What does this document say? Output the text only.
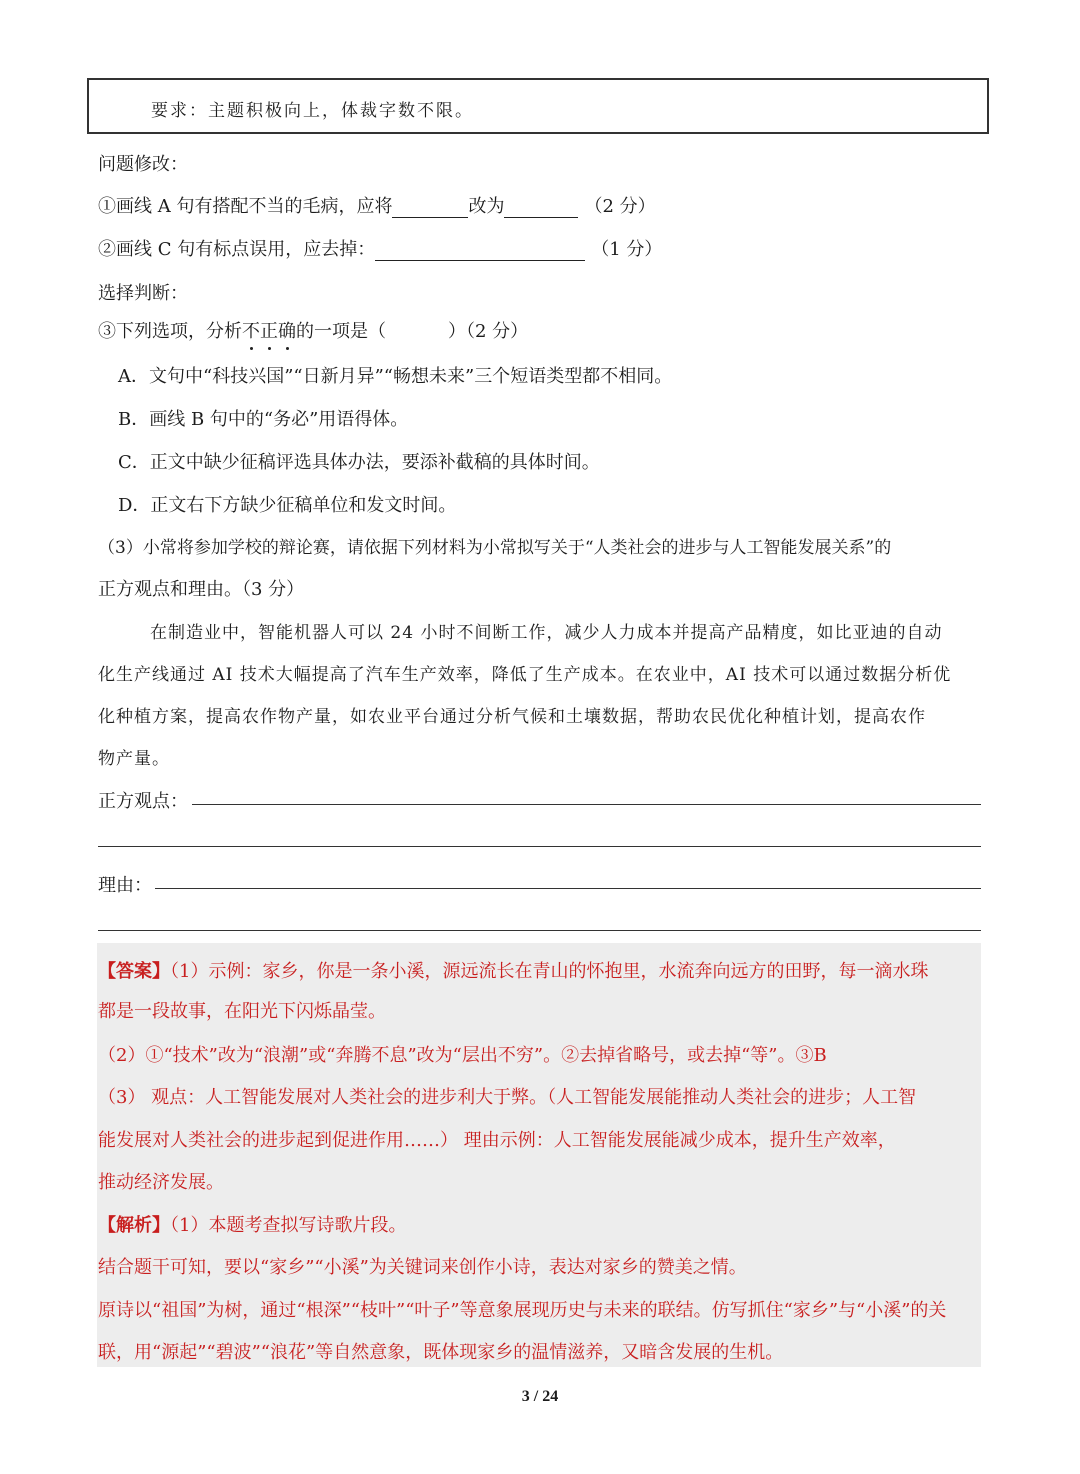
要求：主题积极向上，体裁字数不限。
问题修改：
①画线 A 句有搭配不当的毛病，应将	改为	（2 分）
②画线 C 句有标点误用，应去掉：	（1 分）
选择判断：
③下列选项，分析不正确的一项是（	）（2 分）
A．文句中“科技兴国”“日新月异”“畅想未来”三个短语类型都不相同。
B．画线 B 句中的“务必”用语得体。
C．正文中缺少征稿评选具体办法，要添补截稿的具体时间。
D．正文右下方缺少征稿单位和发文时间。
（3）小常将参加学校的辩论赛，请依据下列材料为小常拟写关于“人类社会的进步与人工智能发展关系”的
正方观点和理由。（3 分）
在制造业中，智能机器人可以 24 小时不间断工作，减少人力成本并提高产品精度，如比亚迪的自动
化生产线通过 AI 技术大幅提高了汽车生产效率，降低了生产成本。在农业中，AI 技术可以通过数据分析优
化种植方案，提高农作物产量，如农业平台通过分析气候和土壤数据，帮助农民优化种植计划，提高农作
物产量。
正方观点：
理由：
【答案】（1）示例：家乡，你是一条小溪，源远流长在青山的怀抱里，水流奔向远方的田野，每一滴水珠
都是一段故事，在阳光下闪烁晶莹。
（2）①“技术”改为“浪潮”或“奔腾不息”改为“层出不穷”。②去掉省略号，或去掉“等”。③B
（3） 观点：人工智能发展对人类社会的进步利大于弊。（人工智能发展能推动人类社会的进步；人工智
能发展对人类社会的进步起到促进作用……） 理由示例：人工智能发展能减少成本，提升生产效率，
推动经济发展。
【解析】（1）本题考查拟写诗歌片段。
结合题干可知，要以“家乡”“小溪”为关键词来创作小诗，表达对家乡的赞美之情。
原诗以“祖国”为树，通过“根深”“枝叶”“叶子”等意象展现历史与未来的联结。仿写抓住“家乡”与“小溪”的关
联，用“源起”“碧波”“浪花”等自然意象，既体现家乡的温情滋养，又暗含发展的生机。
3 / 24
